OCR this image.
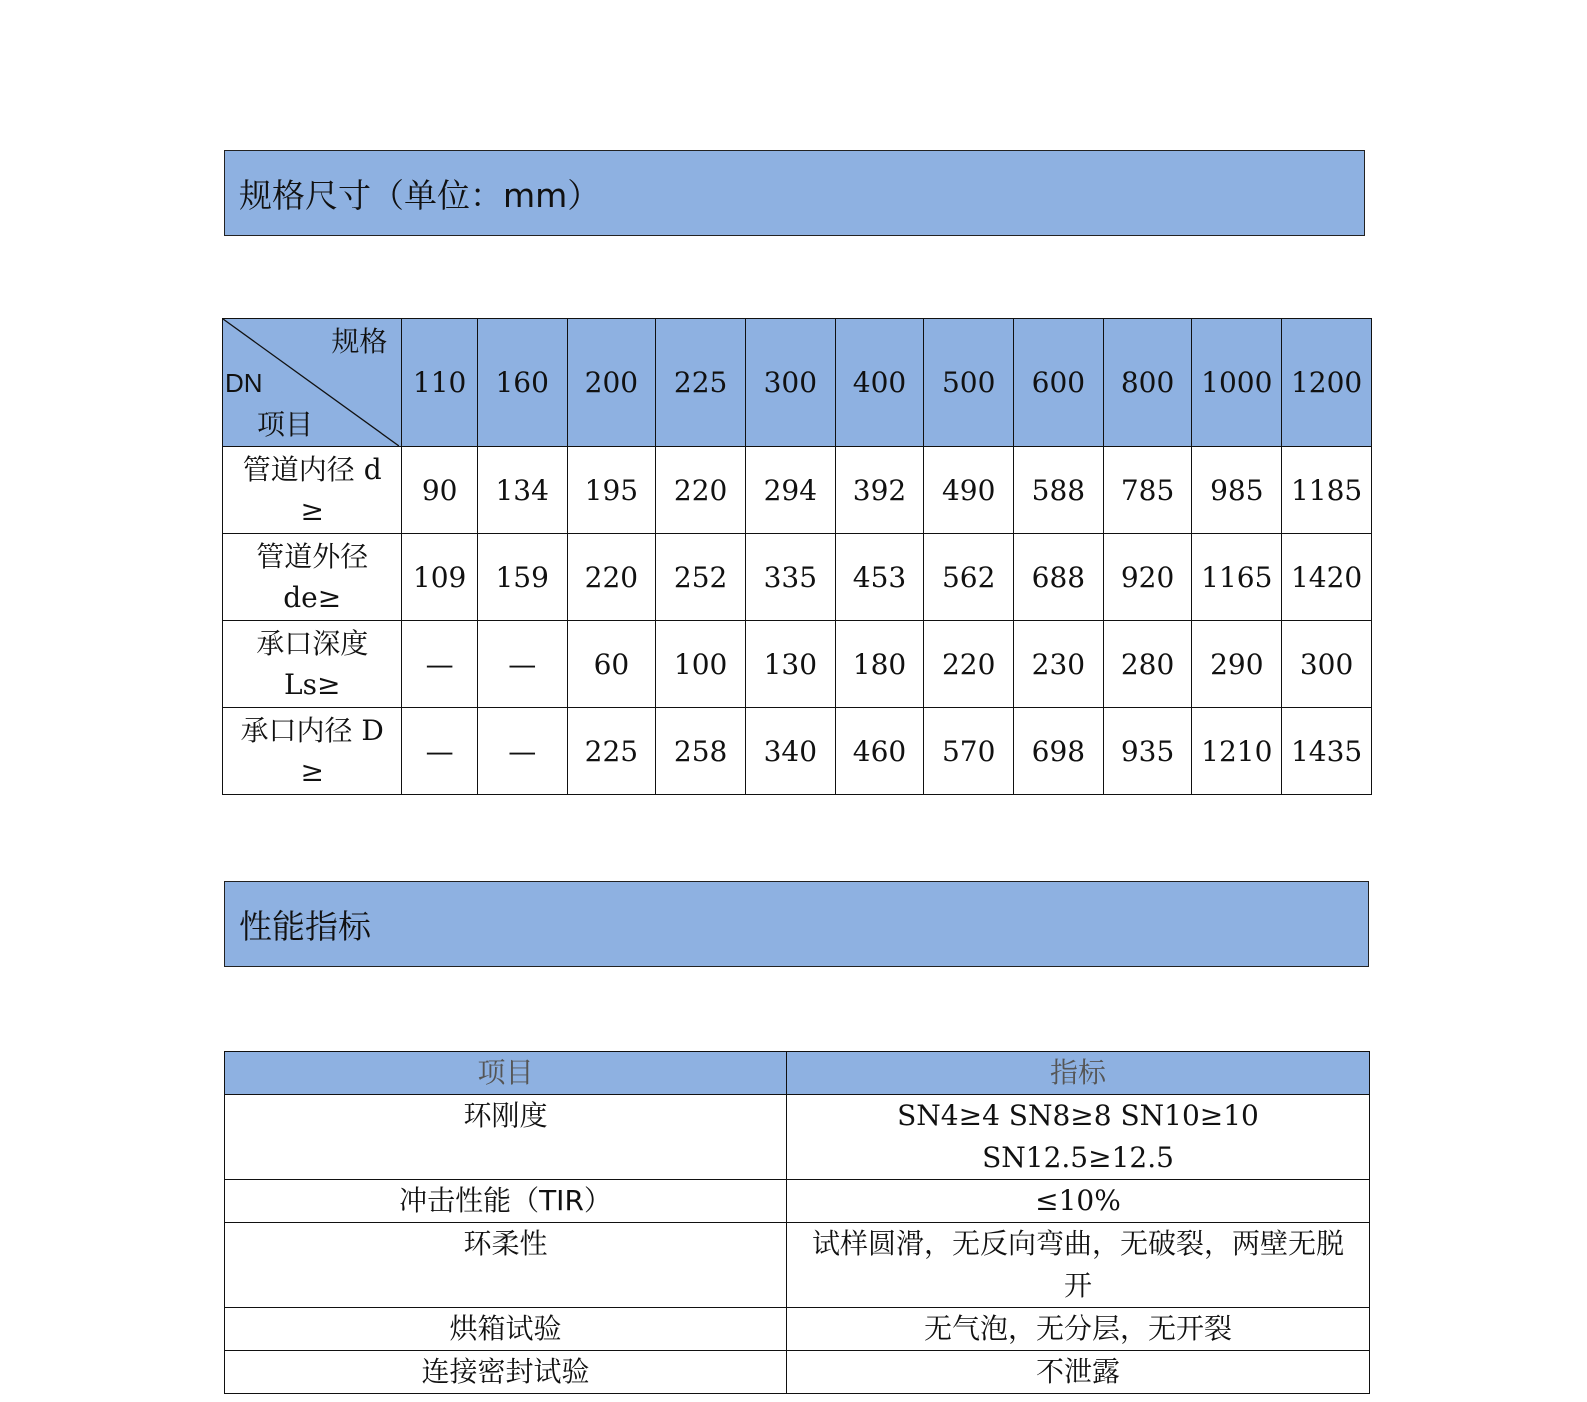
规格尺寸（单位：mm）
规格
DN
项目	110	160	200	225	300	400	500	600	800	1000	1200

管道内径 d
≥	90	134	195	220	294	392	490	588	785	985	1185

管道外径
de≥	109	159	220	252	335	453	562	688	920	1165	1420

承口深度
Ls≥	—	—	60	100	130	180	220	230	280	290	300

承口内径 D
≥	—	—	225	258	340	460	570	698	935	1210	1435
性能指标
项目	指标
环刚度	SN4≥4 SN8≥8 SN10≥10 SN12.5≥12.5
冲击性能（TIR）	≤10%
环柔性	试样圆滑，无反向弯曲，无破裂，两壁无脱开
烘箱试验	无气泡，无分层，无开裂
连接密封试验	不泄露
